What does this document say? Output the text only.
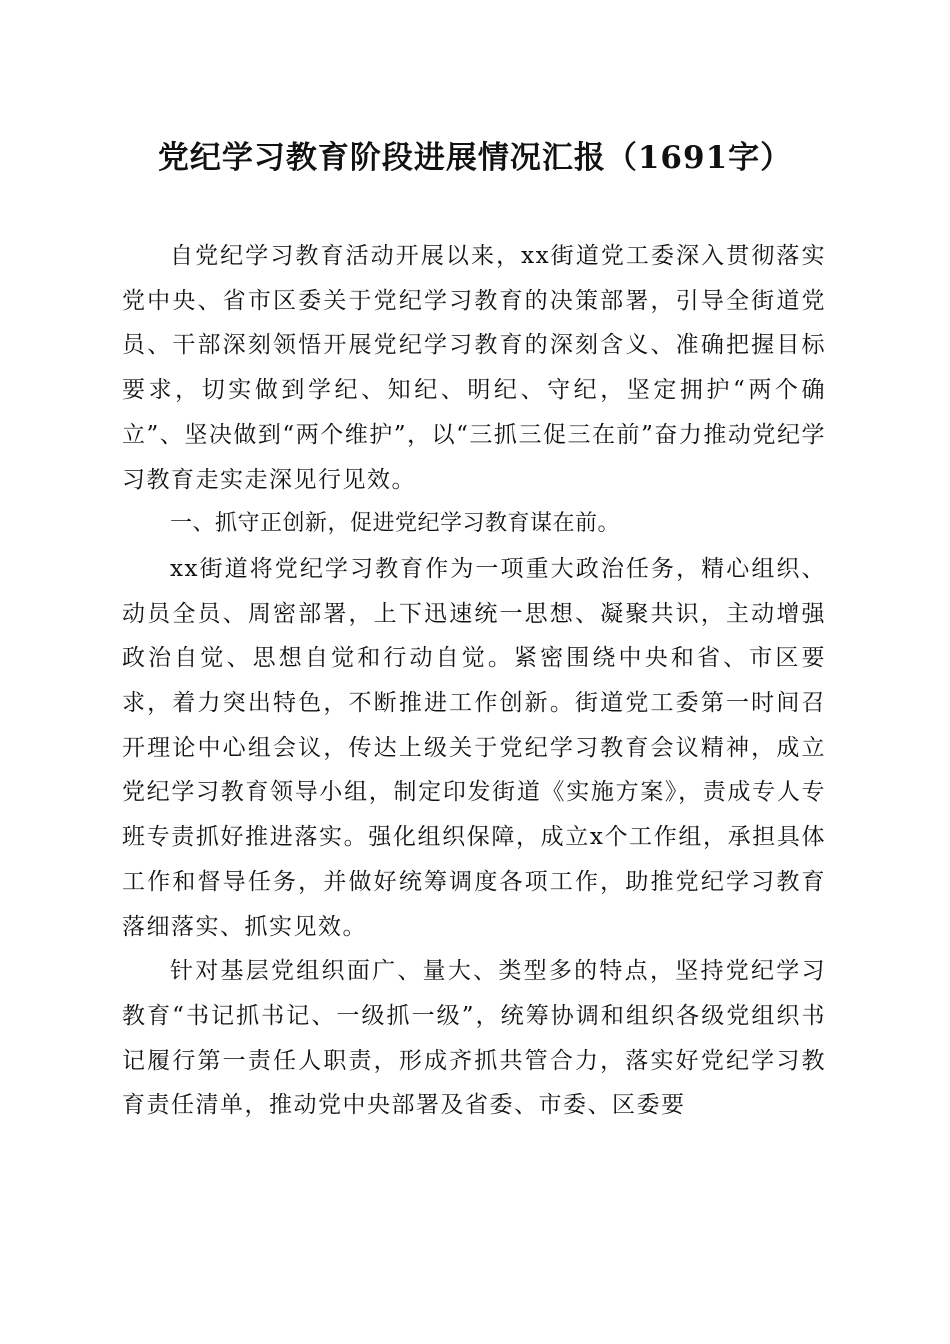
党纪学习教育阶段进展情况汇报（1691字）

自党纪学习教育活动开展以来，xx街道党工委深入贯彻落实党中央、省市区委关于党纪学习教育的决策部署，引导全街道党员、干部深刻领悟开展党纪学习教育的深刻含义、准确把握目标要求，切实做到学纪、知纪、明纪、守纪，坚定拥护“两个确立”、坚决做到“两个维护”，以“三抓三促三在前”奋力推动党纪学习教育走实走深见行见效。

一、抓守正创新，促进党纪学习教育谋在前。

xx街道将党纪学习教育作为一项重大政治任务，精心组织、动员全员、周密部署，上下迅速统一思想、凝聚共识，主动增强政治自觉、思想自觉和行动自觉。紧密围绕中央和省、市区要求，着力突出特色，不断推进工作创新。街道党工委第一时间召开理论中心组会议，传达上级关于党纪学习教育会议精神，成立党纪学习教育领导小组，制定印发街道《实施方案》，责成专人专班专责抓好推进落实。强化组织保障，成立x个工作组，承担具体工作和督导任务，并做好统筹调度各项工作，助推党纪学习教育落细落实、抓实见效。

针对基层党组织面广、量大、类型多的特点，坚持党纪学习教育“书记抓书记、一级抓一级”，统筹协调和组织各级党组织书记履行第一责任人职责，形成齐抓共管合力，落实好党纪学习教育责任清单，推动党中央部署及省委、市委、区委要
